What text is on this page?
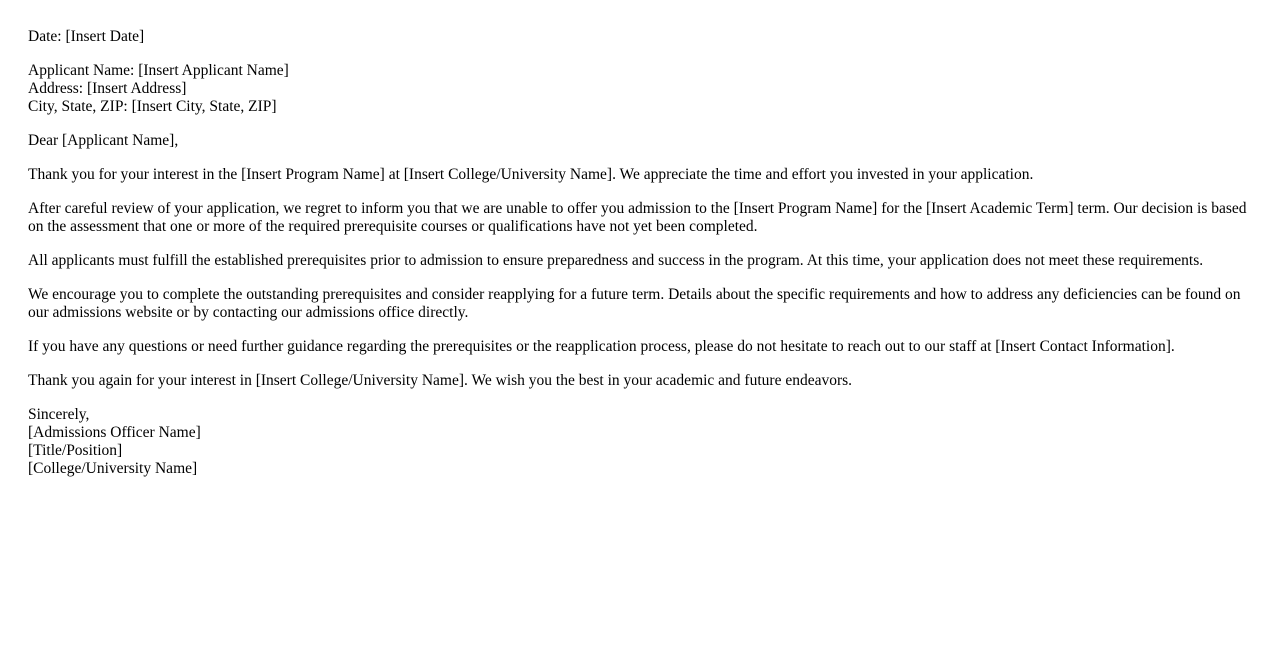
Date: [Insert Date]

Applicant Name: [Insert Applicant Name]
Address: [Insert Address]
City, State, ZIP: [Insert City, State, ZIP]

Dear [Applicant Name],

Thank you for your interest in the [Insert Program Name] at [Insert College/University Name]. We appreciate the time and effort you invested in your application.

After careful review of your application, we regret to inform you that we are unable to offer you admission to the [Insert Program Name] for the [Insert Academic Term] term. Our decision is based on the assessment that one or more of the required prerequisite courses or qualifications have not yet been completed.

All applicants must fulfill the established prerequisites prior to admission to ensure preparedness and success in the program. At this time, your application does not meet these requirements.

We encourage you to complete the outstanding prerequisites and consider reapplying for a future term. Details about the specific requirements and how to address any deficiencies can be found on our admissions website or by contacting our admissions office directly.

If you have any questions or need further guidance regarding the prerequisites or the reapplication process, please do not hesitate to reach out to our staff at [Insert Contact Information].

Thank you again for your interest in [Insert College/University Name]. We wish you the best in your academic and future endeavors.

Sincerely,
[Admissions Officer Name]
[Title/Position]
[College/University Name]
